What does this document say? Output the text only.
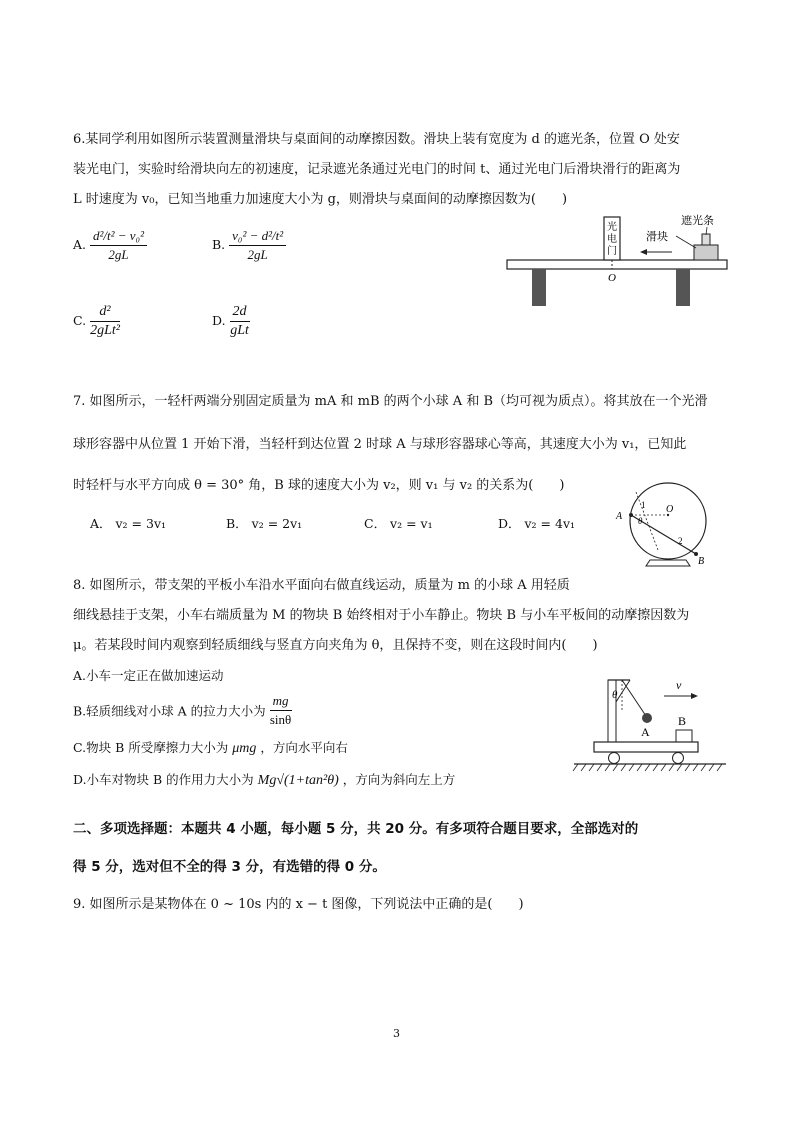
6.某同学利用如图所示装置测量滑块与桌面间的动摩擦因数。滑块上装有宽度为 d 的遮光条，位置 O 处安
装光电门，实验时给滑块向左的初速度，记录遮光条通过光电门的时间 t、通过光电门后滑块滑行的距离为
L 时速度为 v₀，已知当地重力加速度大小为 g，则滑块与桌面间的动摩擦因数为(　　)
A. $\frac{\text{d²/t² − v₀²}}{2gL}$	B. $\frac{\text{v₀² − d²/t²}}{2gL}$
C. $\frac{\text{d²}}{\text{2gLt²}}$	D. $\frac{2d}{\text{gLt}}$
光
电
门
O
滑块
遮光条
7. 如图所示，一轻杆两端分别固定质量为 mA 和 mB 的两个小球 A 和 B（均可视为质点）。将其放在一个光滑
球形容器中从位置 1 开始下滑，当轻杆到达位置 2 时球 A 与球形容器球心等高，其速度大小为 v₁，已知此
时轻杆与水平方向成 θ = 30° 角，B 球的速度大小为 v₂，则 v₁ 与 v₂ 的关系为(　　)
A． v₂ = 3v₁	B． v₂ = 2v₁	C． v₂ = v₁	D． v₂ = 4v₁	A
B
O
1
2
θ
8. 如图所示，带支架的平板小车沿水平面向右做直线运动，质量为 m 的小球 A 用轻质
细线悬挂于支架，小车右端质量为 M 的物块 B 始终相对于小车静止。物块 B 与小车平板间的动摩擦因数为
μ。若某段时间内观察到轻质细线与竖直方向夹角为 θ，且保持不变，则在这段时间内(　　)
A.小车一定正在做加速运动
B.轻质细线对小球 A 的拉力大小为 $\frac{mg}{\sin\theta}$
C.物块 B 所受摩擦力大小为 μmg ，方向水平向右
D.小车对物块 B 的作用力大小为 Mg√(1+tan²θ) ，方向为斜向左上方
θ
A
B
v
二、多项选择题：本题共 4 小题，每小题 5 分，共 20 分。有多项符合题目要求，全部选对的
得 5 分，选对但不全的得 3 分，有选错的得 0 分。
9. 如图所示是某物体在 0 ~ 10s 内的 x − t 图像，下列说法中正确的是(　　)
3
